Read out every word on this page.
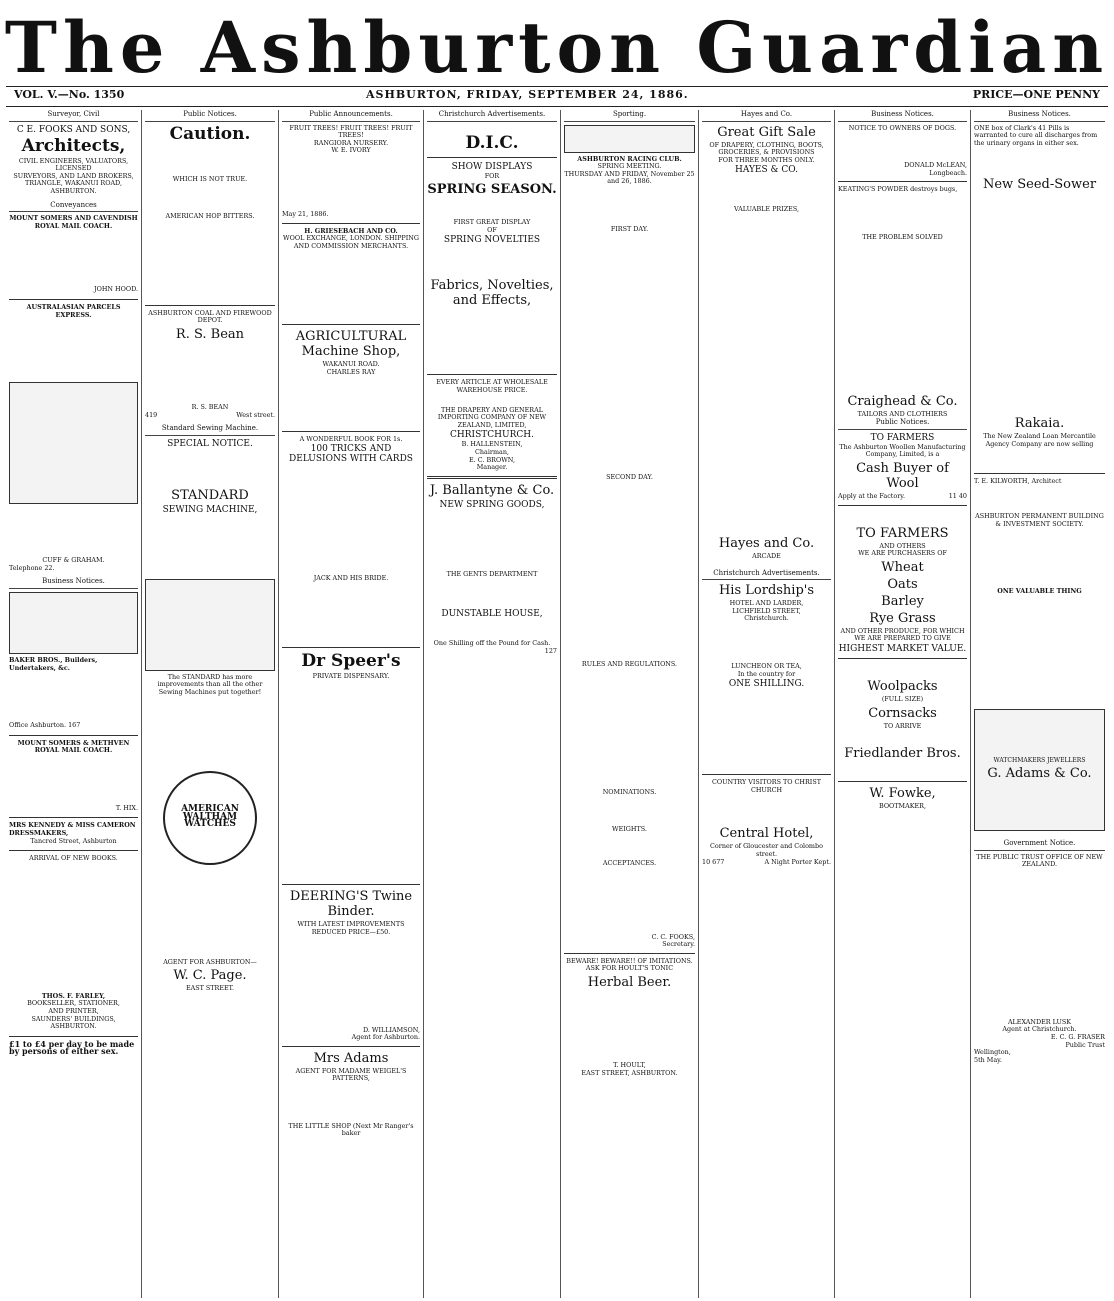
The Ashburton Guardian
VOL. V.—No. 1350	ASHBURTON, FRIDAY, SEPTEMBER 24, 1886.	PRICE—ONE PENNY
Surveyor, Civil
C E. FOOKS AND SONS,
Architects,
CIVIL ENGINEERS, VALUATORS, LICENSED
SURVEYORS, AND LAND BROKERS,
TRIANGLE, WAKANUI ROAD,
ASHBURTON.
Conveyances
MOUNT SOMERS AND CAVENDISH ROYAL MAIL COACH.
JOHN HOOD.
AUSTRALASIAN PARCELS EXPRESS.
CUFF & GRAHAM.
Telephone 22.
Business Notices.
BAKER BROS., Builders, Undertakers, &c.
Office Ashburton. 167
MOUNT SOMERS & METHVEN ROYAL MAIL COACH.
T. HIX.
MRS KENNEDY & MISS CAMERON DRESSMAKERS,
Tancred Street, Ashburton
ARRIVAL OF NEW BOOKS.
THOS. F. FARLEY,
BOOKSELLER, STATIONER,
AND PRINTER,
SAUNDERS' BUILDINGS, ASHBURTON.
£1 to £4 per day to be made by persons of either sex.
Public Notices.
Caution.
WHICH IS NOT TRUE.
AMERICAN HOP BITTERS.
ASHBURTON COAL AND FIREWOOD DEPOT.
R. S. Bean
R. S. BEAN
419	West street.
Standard Sewing Machine.
SPECIAL NOTICE.
STANDARD
SEWING MACHINE,
The STANDARD has more improvements than all the other Sewing Machines put together!
AMERICAN
WALTHAM
WATCHES
AGENT FOR ASHBURTON—
W. C. Page.
EAST STREET.
Public Announcements.
FRUIT TREES! FRUIT TREES! FRUIT TREES!
RANGIORA NURSERY.
W. E. IVORY
May 21, 1886.
H. GRIESEBACH AND CO.
WOOL EXCHANGE, LONDON. SHIPPING AND COMMISSION MERCHANTS.
AGRICULTURAL Machine Shop,
WAKANUI ROAD.
CHARLES RAY
A WONDERFUL BOOK FOR 1s.
100 TRICKS AND DELUSIONS WITH CARDS
JACK AND HIS BRIDE.
Dr Speer's
PRIVATE DISPENSARY.
DEERING'S Twine Binder.
WITH LATEST IMPROVEMENTS
REDUCED PRICE—£50.
D. WILLIAMSON,
Agent for Ashburton.
Mrs Adams
AGENT FOR MADAME WEIGEL'S PATTERNS,
THE LITTLE SHOP (Next Mr Ranger's baker
Christchurch Advertisements.
D.I.C.
SHOW DISPLAYS
FOR
SPRING SEASON.
FIRST GREAT DISPLAY
OF
SPRING NOVELTIES
Fabrics, Novelties, and Effects,
EVERY ARTICLE AT WHOLESALE WAREHOUSE PRICE.
THE DRAPERY AND GENERAL IMPORTING COMPANY OF NEW ZEALAND, LIMITED,
CHRISTCHURCH.
B. HALLENSTEIN,
Chairman,
E. C. BROWN,
Manager.
J. Ballantyne & Co.
NEW SPRING GOODS,
THE GENTS DEPARTMENT
DUNSTABLE HOUSE,
One Shilling off the Pound for Cash.
127
Sporting.
ASHBURTON RACING CLUB.
SPRING MEETING.
THURSDAY AND FRIDAY, November 25 and 26, 1886.
FIRST DAY.
SECOND DAY.
RULES AND REGULATIONS.
NOMINATIONS.
WEIGHTS.
ACCEPTANCES.
C. C. FOOKS,
Secretary.
BEWARE! BEWARE!! OF IMITATIONS.
ASK FOR HOULT'S TONIC
Herbal Beer.
T. HOULT,
EAST STREET, ASHBURTON.
Hayes and Co.
Great Gift Sale
OF DRAPERY, CLOTHING, BOOTS, GROCERIES, & PROVISIONS
FOR THREE MONTHS ONLY.
HAYES & CO.
VALUABLE PRIZES,
Hayes and Co.
ARCADE
Christchurch Advertisements.
His Lordship's
HOTEL AND LARDER,
LICHFIELD STREET,
Christchurch.
LUNCHEON OR TEA,
In the country for
ONE SHILLING.
COUNTRY VISITORS TO CHRIST CHURCH
Central Hotel,
Corner of Gloucester and Colombo street.
10 677	A Night Porter Kept.
Business Notices.
NOTICE TO OWNERS OF DOGS.
DONALD McLEAN,
Longbeach.
KEATING'S POWDER destroys bugs,
THE PROBLEM SOLVED
Craighead & Co.
TAILORS AND CLOTHIERS
Public Notices.
TO FARMERS
The Ashburton Woollen Manufacturing Company, Limited, is a
Cash Buyer of Wool
Apply at the Factory.	11 40
TO FARMERS
AND OTHERS
WE ARE PURCHASERS OF
Wheat
Oats
Barley
Rye Grass
AND OTHER PRODUCE, FOR WHICH WE ARE PREPARED TO GIVE
HIGHEST MARKET VALUE.
Woolpacks
(FULL SIZE)
Cornsacks
TO ARRIVE
Friedlander Bros.
W. Fowke,
BOOTMAKER,
Business Notices.
ONE box of Clark's 41 Pills is warranted to cure all discharges from the urinary organs in either sex.
New Seed-Sower
Rakaia.
The New Zealand Loan Mercantile Agency Company are now selling
T. E. KILWORTH, Architect
ASHBURTON PERMANENT BUILDING & INVESTMENT SOCIETY.
ONE VALUABLE THING
WATCHMAKERS JEWELLERS
G. Adams & Co.
Government Notice.
THE PUBLIC TRUST OFFICE OF NEW ZEALAND.
ALEXANDER LUSK
Agent at Christchurch.
E. C. G. FRASER
Public Trust
Wellington,
5th May.
